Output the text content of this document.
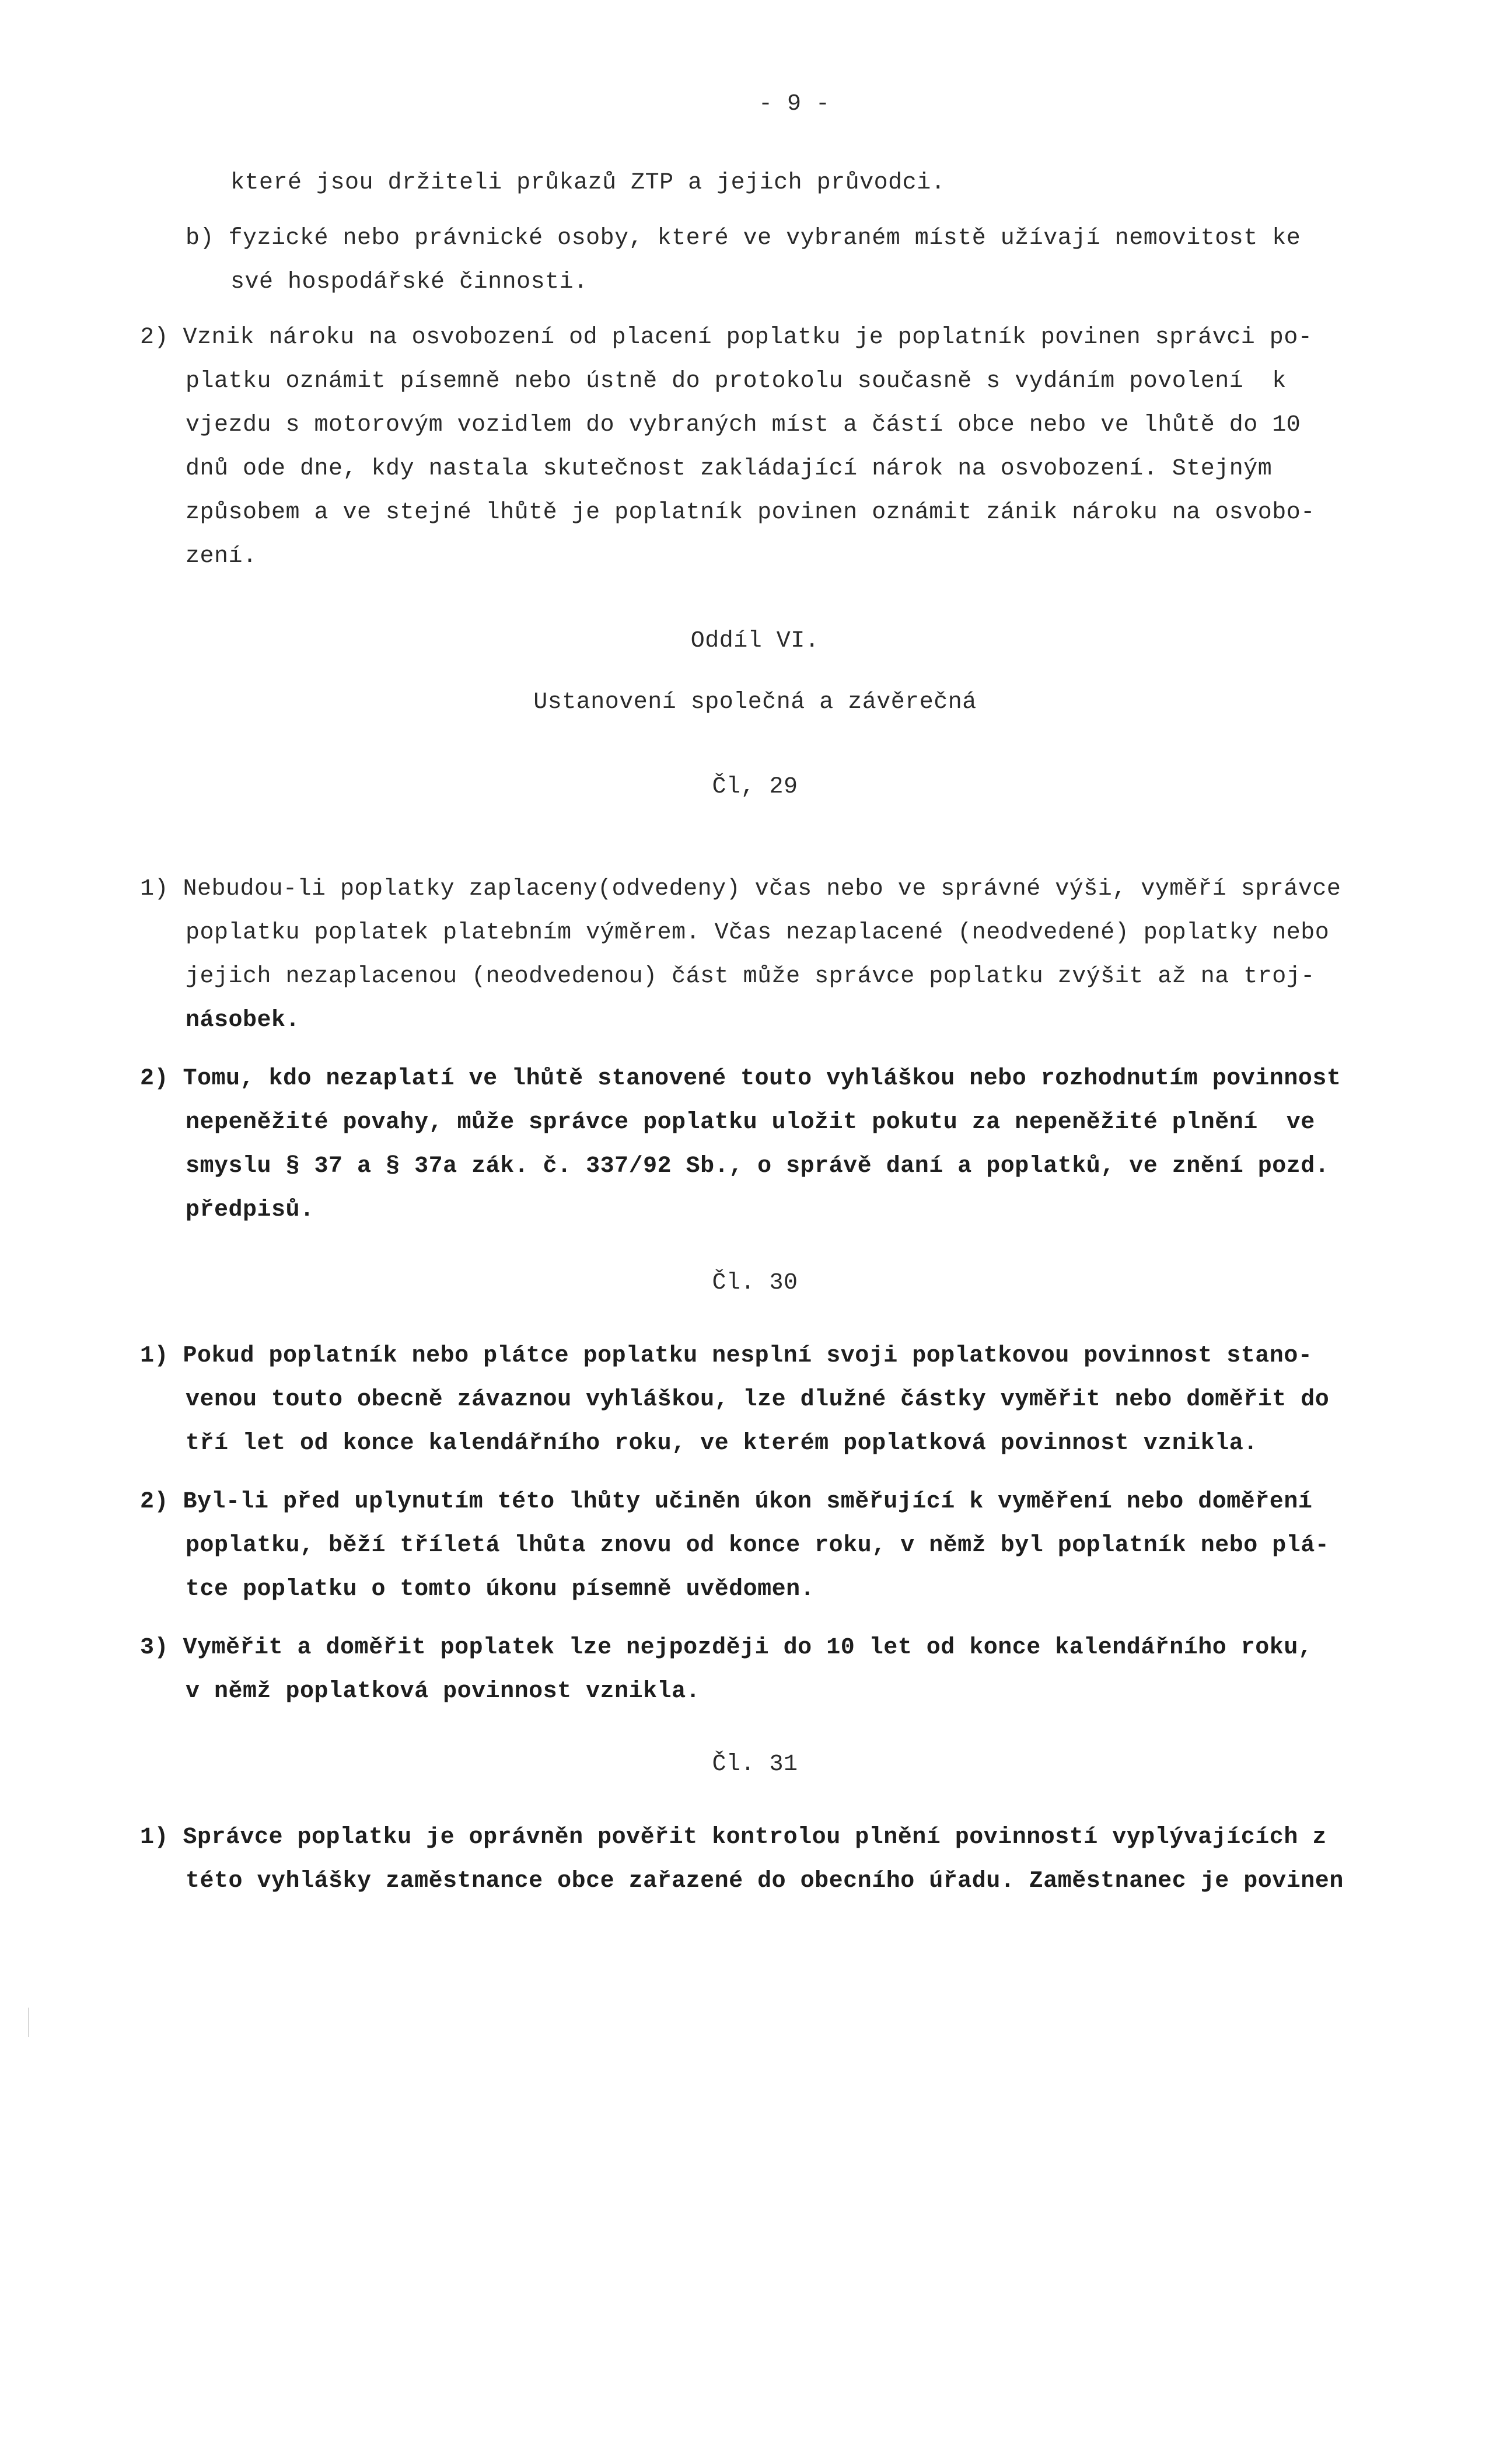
- 9 -
které jsou držiteli průkazů ZTP a jejich průvodci.
b) fyzické nebo právnické osoby, které ve vybraném místě užívají nemovitost ke
své hospodářské činnosti.
2) Vznik nároku na osvobození od placení poplatku je poplatník povinen správci po-
platku oznámit písemně nebo ústně do protokolu současně s vydáním povolení  k
vjezdu s motorovým vozidlem do vybraných míst a částí obce nebo ve lhůtě do 10
dnů ode dne, kdy nastala skutečnost zakládající nárok na osvobození. Stejným
způsobem a ve stejné lhůtě je poplatník povinen oznámit zánik nároku na osvobo-
zení.
Oddíl VI.
Ustanovení společná a závěrečná
Čl, 29
1) Nebudou-li poplatky zaplaceny(odvedeny) včas nebo ve správné výši, vyměří správce
poplatku poplatek platebním výměrem. Včas nezaplacené (neodvedené) poplatky nebo
jejich nezaplacenou (neodvedenou) část může správce poplatku zvýšit až na troj-
násobek.
2) Tomu, kdo nezaplatí ve lhůtě stanovené touto vyhláškou nebo rozhodnutím povinnost
nepeněžité povahy, může správce poplatku uložit pokutu za nepeněžité plnění  ve
smyslu § 37 a § 37a zák. č. 337/92 Sb., o správě daní a poplatků, ve znění pozd.
předpisů.
Čl. 30
1) Pokud poplatník nebo plátce poplatku nesplní svoji poplatkovou povinnost stano-
venou touto obecně závaznou vyhláškou, lze dlužné částky vyměřit nebo doměřit do
tří let od konce kalendářního roku, ve kterém poplatková povinnost vznikla.
2) Byl-li před uplynutím této lhůty učiněn úkon směřující k vyměření nebo doměření
poplatku, běží tříletá lhůta znovu od konce roku, v němž byl poplatník nebo plá-
tce poplatku o tomto úkonu písemně uvědomen.
3) Vyměřit a doměřit poplatek lze nejpozději do 10 let od konce kalendářního roku,
v němž poplatková povinnost vznikla.
Čl. 31
1) Správce poplatku je oprávněn pověřit kontrolou plnění povinností vyplývajících z
této vyhlášky zaměstnance obce zařazené do obecního úřadu. Zaměstnanec je povinen
